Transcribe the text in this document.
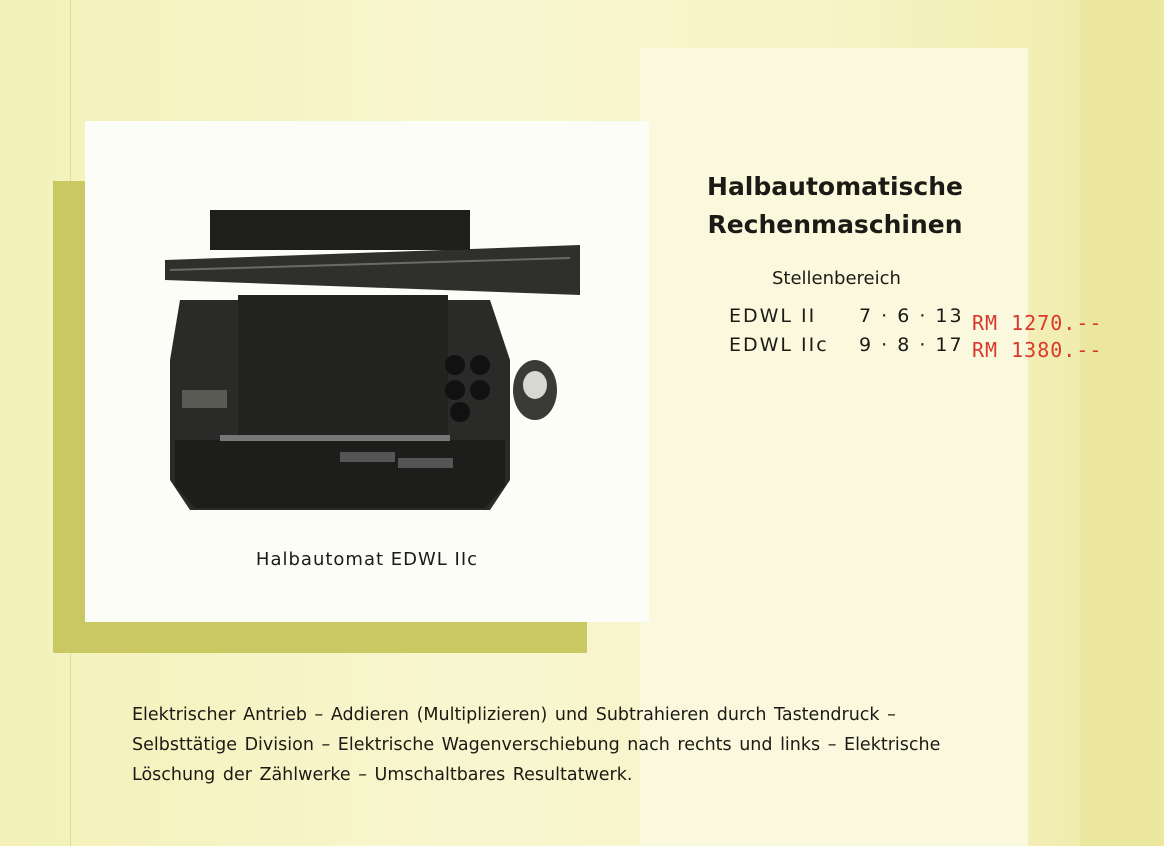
Halbautomat EDWL IIc
Halbautomatische
Rechenmaschinen
Stellenbereich
EDWL II 7 · 6 · 13 RM 1270.--
EDWL IIc 9 · 8 · 17 RM 1380.--
Elektrischer Antrieb – Addieren (Multiplizieren) und Subtrahieren durch Tastendruck –
Selbsttätige Division – Elektrische Wagenverschiebung nach rechts und links – Elektrische
Löschung der Zählwerke – Umschaltbares Resultatwerk.
